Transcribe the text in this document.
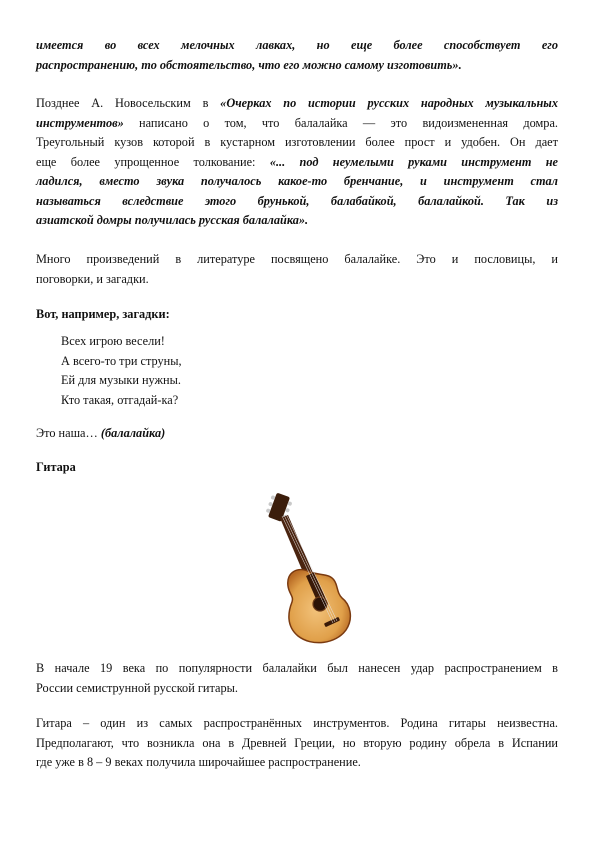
имеется во всех мелочных лавках, но еще более способствует его
распространению, то обстоятельство, что его можно самому изготовить».
Позднее А. Новосельским в «Очерках по истории русских народных музыкальных
инструментов» написано о том, что балалайка — это видоизмененная домра.
Треугольный кузов которой в кустарном изготовлении более прост и удобен. Он дает
еще более упрощенное толкование: «... под неумелыми руками инструмент не
ладился, вместо звука получалось какое-то бренчание, и инструмент стал
называться вследствие этого брунькой, балабайкой, балалайкой. Так из
азиатской домры получилась русская балалайка».
Много произведений в литературе посвящено балалайке. Это и пословицы, и
поговорки, и загадки.
Вот, например, загадки:
Всех игрою весели!
А всего-то три струны,
Ей для музыки нужны.
Кто такая, отгадай-ка?
Это наша… (балалайка)
Гитара
В начале 19 века по популярности балалайки был нанесен удар распространением в
России семиструнной русской гитары.
Гитара – один из самых распространённых инструментов. Родина гитары неизвестна.
Предполагают, что возникла она в Древней Греции, но вторую родину обрела в Испании
где уже в 8 – 9 веках получила широчайшее распространение.
